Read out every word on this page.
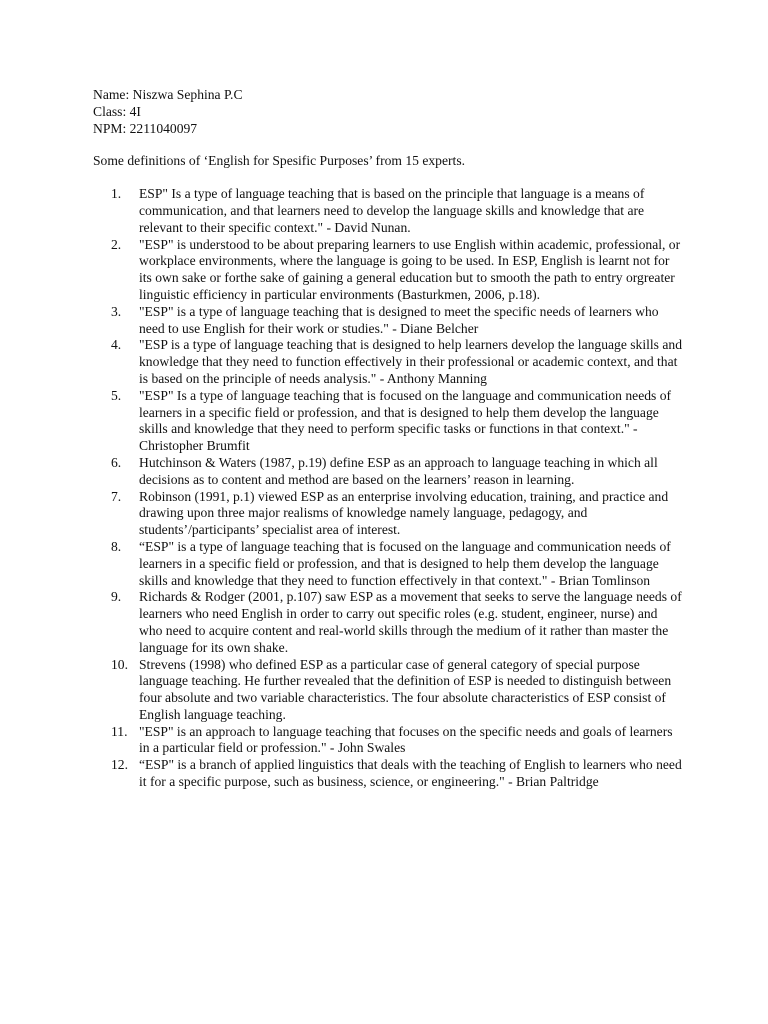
Name: Niszwa Sephina P.C

Class: 4I

NPM: 2211040097

Some definitions of ‘English for Spesific Purposes’ from 15 experts.

1.	ESP" Is a type of language teaching that is based on the principle that language is a means of communication, and that learners need to develop the language skills and knowledge that are relevant to their specific context." - David Nunan.
2.	"ESP" is understood to be about preparing learners to use English within academic, professional, or workplace environments, where the language is going to be used. In ESP, English is learnt not for its own sake or forthe sake of gaining a general education but to smooth the path to entry orgreater linguistic efficiency in particular environments (Basturkmen, 2006, p.18).
3.	"ESP" is a type of language teaching that is designed to meet the specific needs of learners who need to use English for their work or studies." - Diane Belcher
4.	"ESP is a type of language teaching that is designed to help learners develop the language skills and knowledge that they need to function effectively in their professional or academic context, and that is based on the principle of needs analysis." - Anthony Manning
5.	"ESP" Is a type of language teaching that is focused on the language and communication needs of learners in a specific field or profession, and that is designed to help them develop the language skills and knowledge that they need to perform specific tasks or functions in that context." - Christopher Brumfit
6.	Hutchinson & Waters (1987, p.19) define ESP as an approach to language teaching in which all decisions as to content and method are based on the learners’ reason in learning.
7.	Robinson (1991, p.1) viewed ESP as an enterprise involving education, training, and practice and drawing upon three major realisms of knowledge namely language, pedagogy, and students’/participants’ specialist area of interest.
8.	“ESP" is a type of language teaching that is focused on the language and communication needs of learners in a specific field or profession, and that is designed to help them develop the language skills and knowledge that they need to function effectively in that context." - Brian Tomlinson
9.	Richards & Rodger (2001, p.107) saw ESP as a movement that seeks to serve the language needs of learners who need English in order to carry out specific roles (e.g. student, engineer, nurse) and who need to acquire content and real-world skills through the medium of it rather than master the language for its own shake.
10. Strevens (1998) who defined ESP as a particular case of general category of special purpose language teaching. He further revealed that the definition of ESP is needed to distinguish between four absolute and two variable characteristics. The four absolute characteristics of ESP consist of English language teaching.
11. "ESP" is an approach to language teaching that focuses on the specific needs and goals of learners in a particular field or profession." - John Swales
12. “ESP" is a branch of applied linguistics that deals with the teaching of English to learners who need it for a specific purpose, such as business, science, or engineering." - Brian Paltridge
